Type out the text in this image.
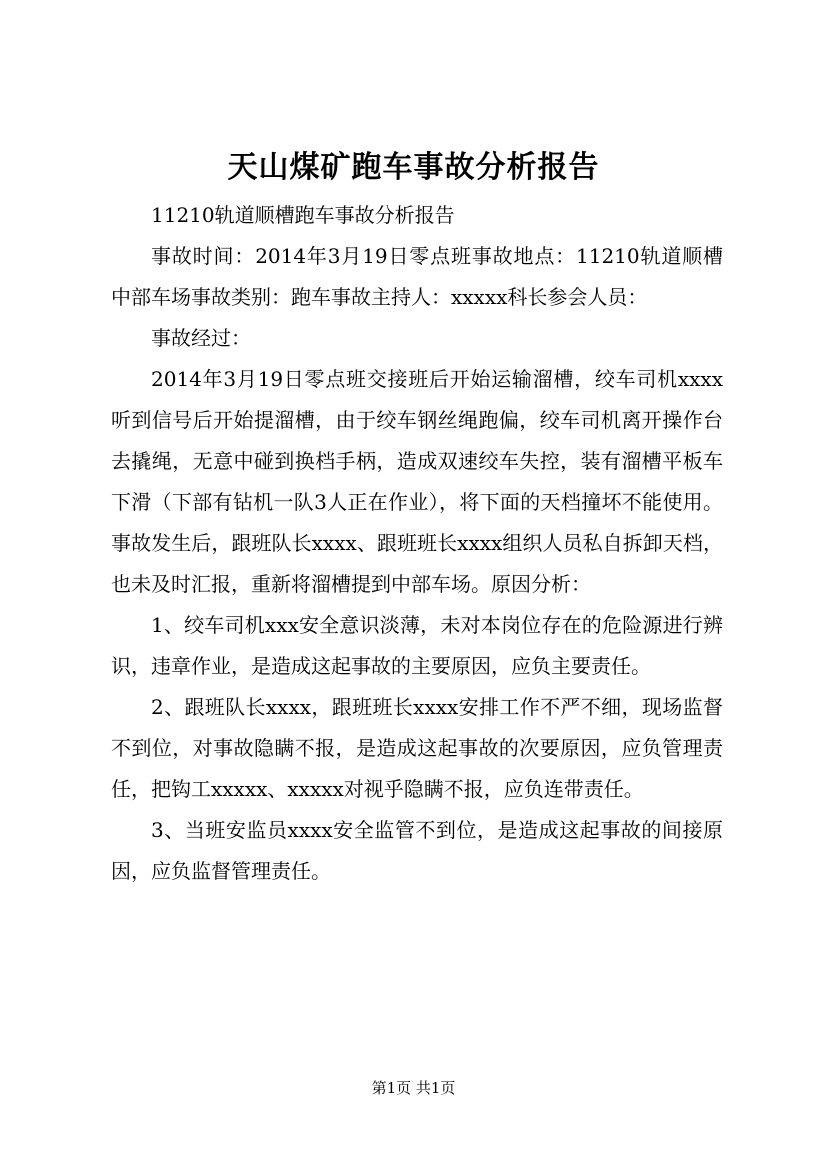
天山煤矿跑车事故分析报告

11210轨道顺槽跑车事故分析报告

事故时间：2014年3月19日零点班事故地点：11210轨道顺槽中部车场事故类别：跑车事故主持人：xxxxx科长参会人员：

事故经过：

2014年3月19日零点班交接班后开始运输溜槽，绞车司机xxxx听到信号后开始提溜槽，由于绞车钢丝绳跑偏，绞车司机离开操作台去撬绳，无意中碰到换档手柄，造成双速绞车失控，装有溜槽平板车下滑（下部有钻机一队3人正在作业），将下面的天档撞坏不能使用。事故发生后，跟班队长xxxx、跟班班长xxxx组织人员私自拆卸天档，也未及时汇报，重新将溜槽提到中部车场。原因分析：

1、绞车司机xxx安全意识淡薄，未对本岗位存在的危险源进行辨识，违章作业，是造成这起事故的主要原因，应负主要责任。

2、跟班队长xxxx，跟班班长xxxx安排工作不严不细，现场监督不到位，对事故隐瞒不报，是造成这起事故的次要原因，应负管理责任，把钩工xxxxx、xxxxx对视乎隐瞒不报，应负连带责任。

3、当班安监员xxxx安全监管不到位，是造成这起事故的间接原因，应负监督管理责任。

第1页 共1页
